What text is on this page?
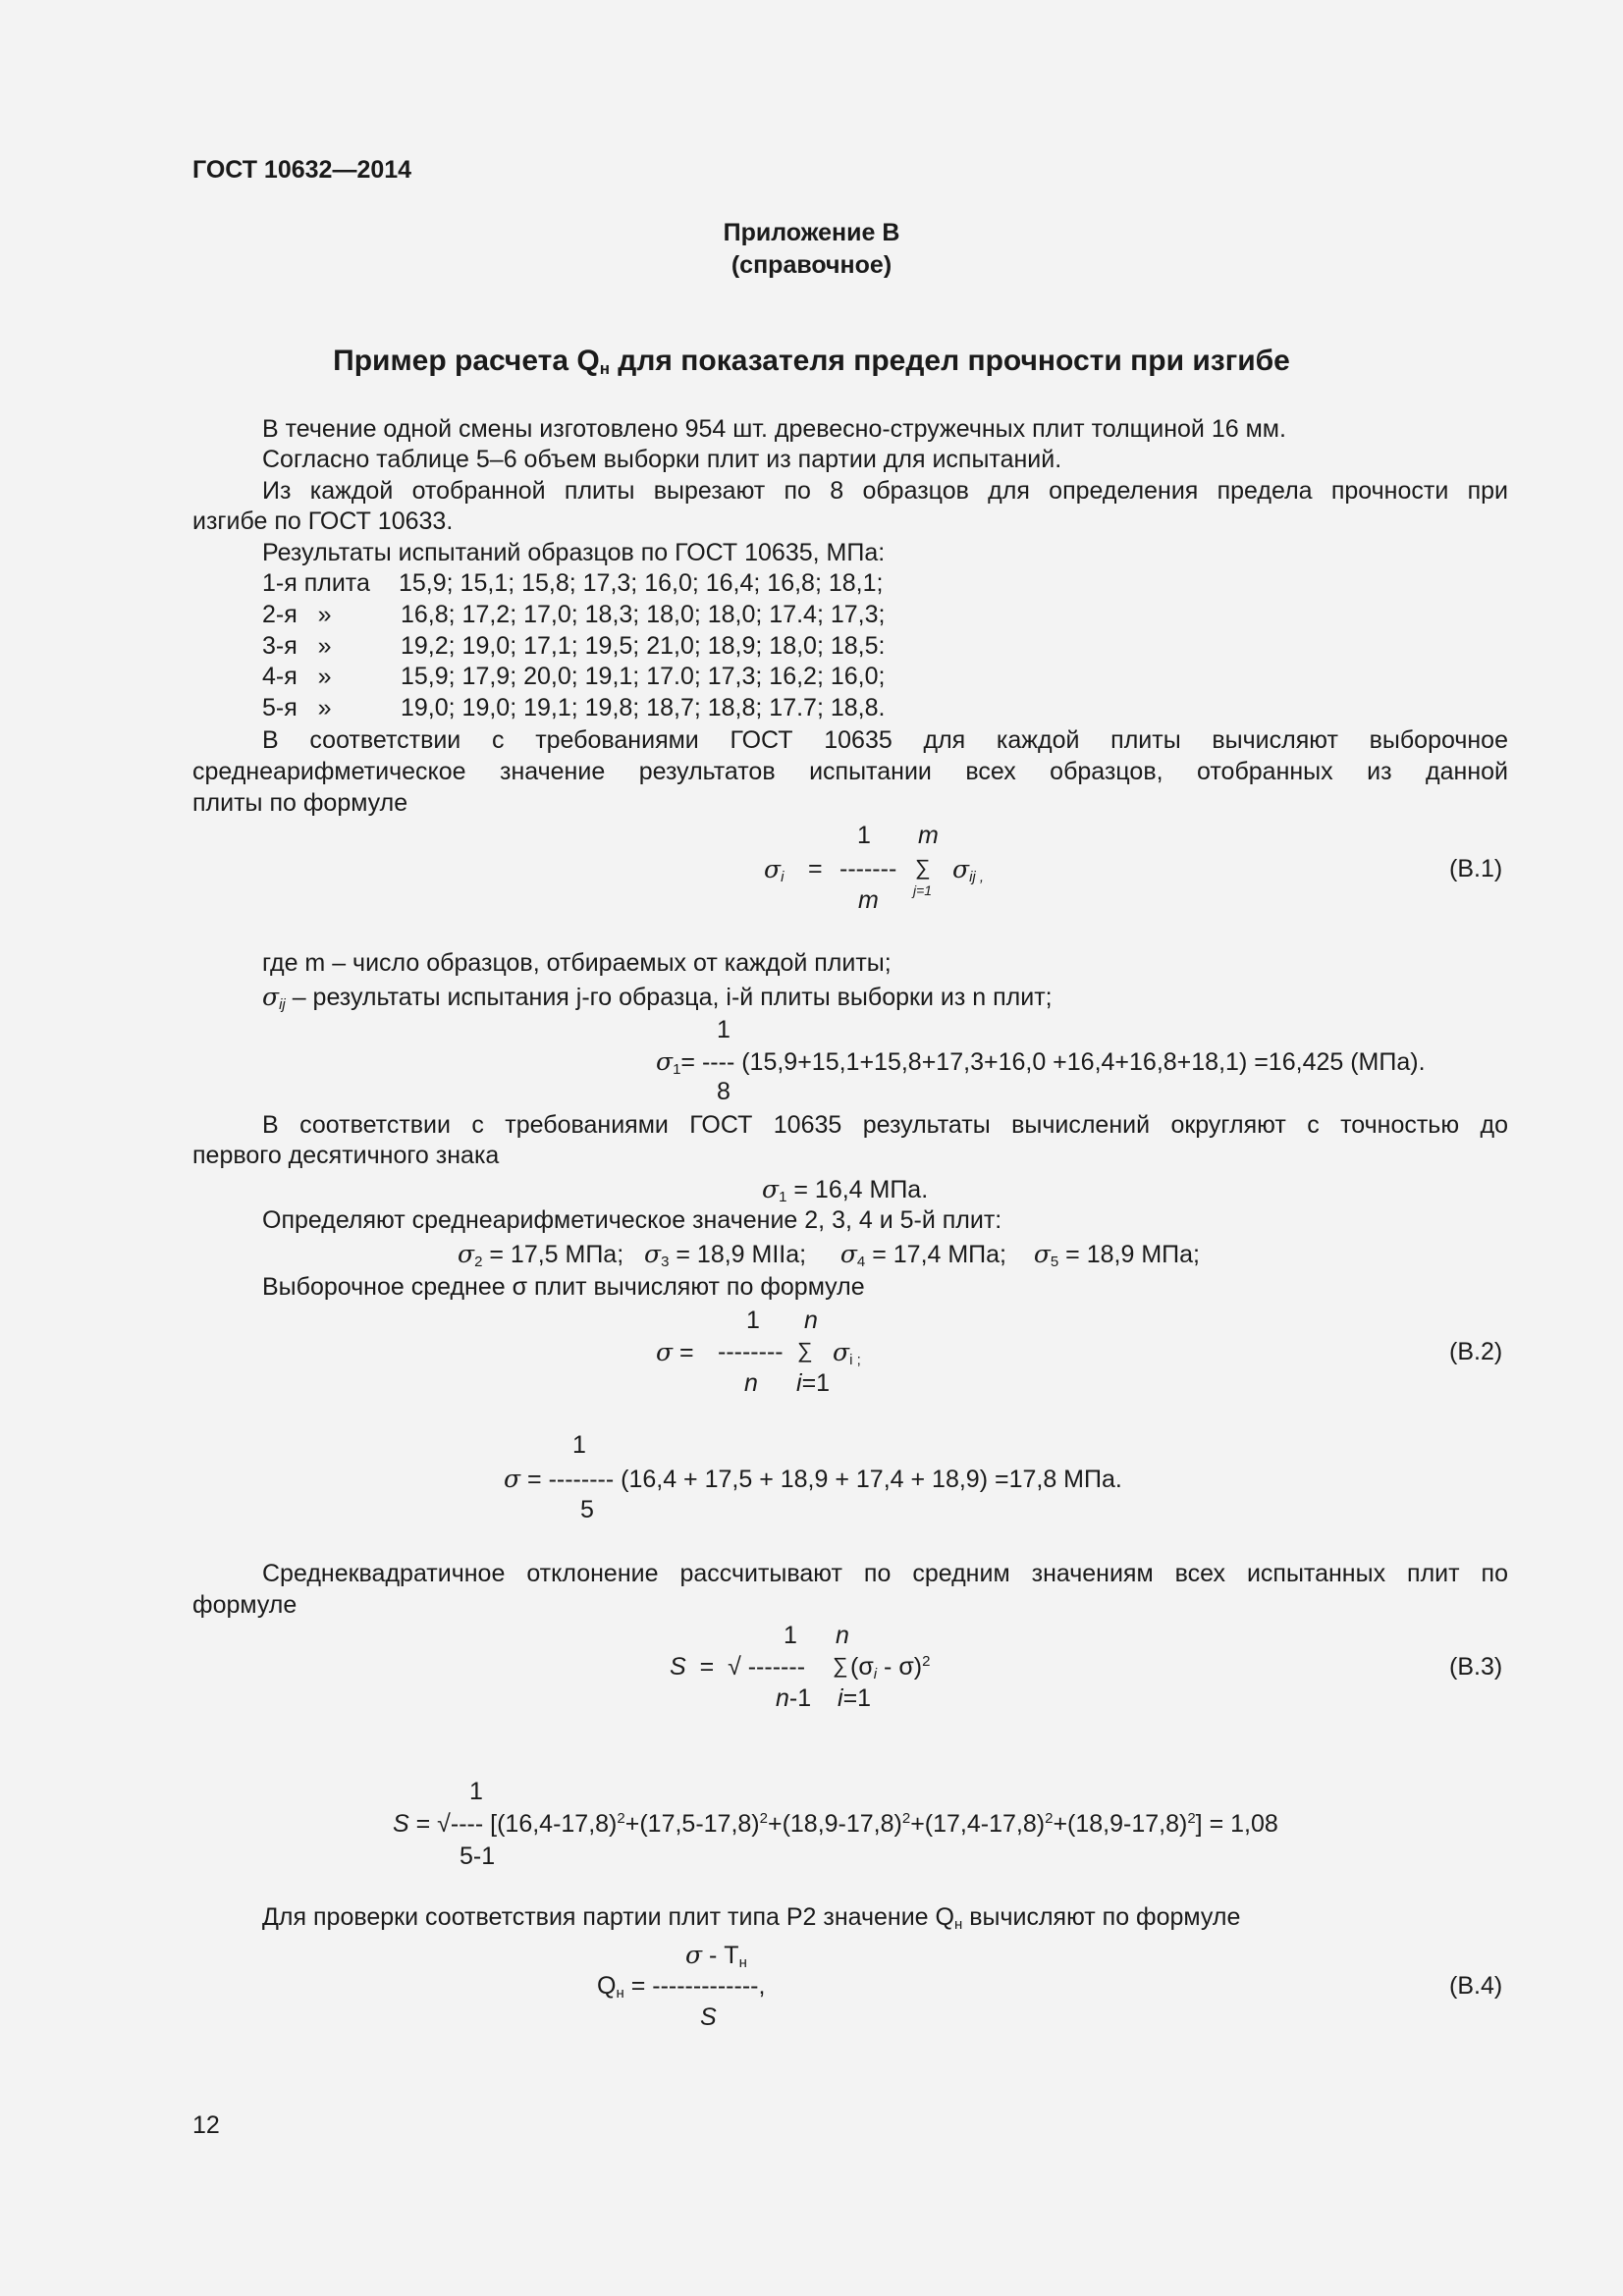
ГОСТ 10632—2014
Приложение В
(справочное)
Пример расчета $Q_н$ для показателя предел прочности при изгибе
В течение одной смены изготовлено 954 шт. древесно-стружечных плит толщиной 16 мм.
Согласно таблице 5–6 объем выборки плит из партии для испытаний.
Из каждой отобранной плиты вырезают по 8 образцов для определения предела прочности при
изгибе по ГОСТ 10633.
Результаты испытаний образцов по ГОСТ 10635, МПа:
1-я плита 15,9; 15,1; 15,8; 17,3; 16,0; 16,4; 16,8; 18,1;
2-я   »	16,8; 17,2; 17,0; 18,3; 18,0; 18,0; 17.4; 17,3;
3-я   »	19,2; 19,0; 17,1; 19,5; 21,0; 18,9; 18,0; 18,5:
4-я   »	15,9; 17,9; 20,0; 19,1; 17.0; 17,3; 16,2; 16,0;
5-я   »	19,0; 19,0; 19,1; 19,8; 18,7; 18,8; 17.7; 18,8.
В соответствии с требованиями ГОСТ 10635 для каждой плиты вычисляют выборочное
среднеарифметическое значение результатов испытании всех образцов, отобранных из данной
плиты по формуле
1 m
$\sigma_i$ = ------- ∑
j=1
$\sigma_{ij ,}$
m
(В.1)
где m – число образцов, отбираемых от каждой плиты;
$\sigma_{ij}$ – результаты испытания j-го образца, i-й плиты выборки из n плит;
1
$\sigma_1=$ ---- (15,9+15,1+15,8+17,3+16,0 +16,4+16,8+18,1) =16,425 (МПа).
8
В соответствии с требованиями ГОСТ 10635 результаты вычислений округляют с точностью до
первого десятичного знака
$\sigma_1 = 16,4$ МПа.
Определяют среднеарифметическое значение 2, 3, 4 и 5-й плит:
$\sigma_2 = 17,5$ МПа; $\sigma_3 = 18,9$ МIIа; $\sigma_4 = 17,4$ МПа; $\sigma_5 = 18,9$ МПа;
Выборочное среднее σ плит вычисляют по формуле
1 n
σ = -------- ∑ $\sigma_{i ;}$
n i=1
(В.2)
1
σ = -------- (16,4 + 17,5 + 18,9 + 17,4 + 18,9) =17,8 МПа.
5
Среднеквадратичное отклонение рассчитывают по средним значениям всех испытанных плит по
формуле
1 n
S  =  √ ------- ∑ $(\sigma_i - \sigma)^2$
n-1 i=1
(В.3)
1
S = √---- $[(16,4-17,8)^2+(17,5-17,8)^2+(18,9-17,8)^2+(17,4-17,8)^2+(18,9-17,8)^2] = 1,08$
5-1
Для проверки соответствия партии плит типа Р2 значение $Q_н$ вычисляют по формуле
σ - $Т_н$
$Q_н$ = -------------,
S
(В.4)
12
